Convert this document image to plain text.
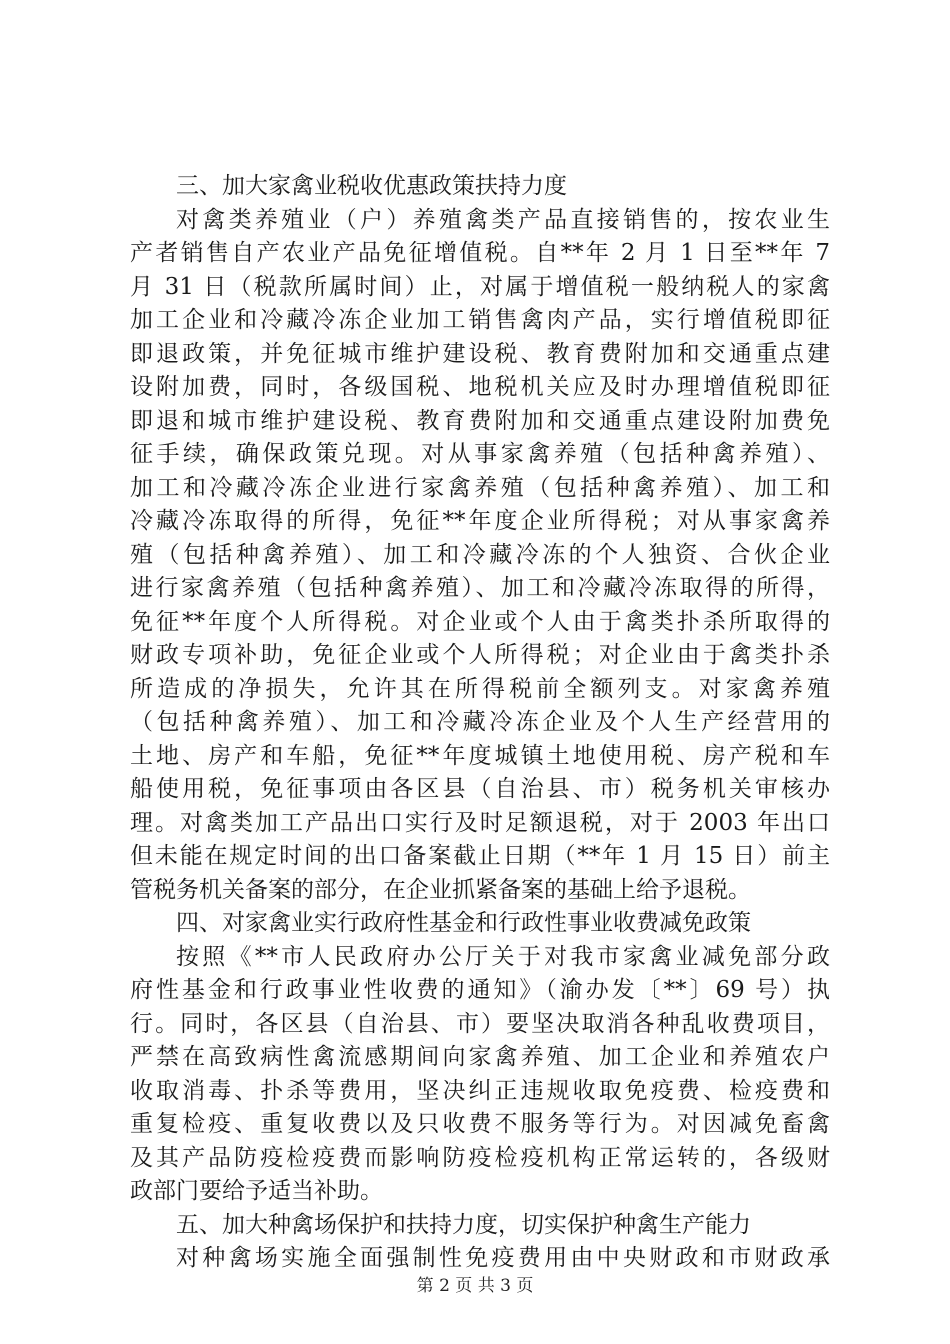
三、加大家禽业税收优惠政策扶持力度
对禽类养殖业（户）养殖禽类产品直接销售的，按农业生
产者销售自产农业产品免征增值税。自**年 2 月 1 日至**年 7
月 31 日（税款所属时间）止，对属于增值税一般纳税人的家禽
加工企业和冷藏冷冻企业加工销售禽肉产品，实行增值税即征
即退政策，并免征城市维护建设税、教育费附加和交通重点建
设附加费，同时，各级国税、地税机关应及时办理增值税即征
即退和城市维护建设税、教育费附加和交通重点建设附加费免
征手续，确保政策兑现。对从事家禽养殖（包括种禽养殖）、
加工和冷藏冷冻企业进行家禽养殖（包括种禽养殖）、加工和
冷藏冷冻取得的所得，免征**年度企业所得税；对从事家禽养
殖（包括种禽养殖）、加工和冷藏冷冻的个人独资、合伙企业
进行家禽养殖（包括种禽养殖）、加工和冷藏冷冻取得的所得，
免征**年度个人所得税。对企业或个人由于禽类扑杀所取得的
财政专项补助，免征企业或个人所得税；对企业由于禽类扑杀
所造成的净损失，允许其在所得税前全额列支。对家禽养殖
（包括种禽养殖）、加工和冷藏冷冻企业及个人生产经营用的
土地、房产和车船，免征**年度城镇土地使用税、房产税和车
船使用税，免征事项由各区县（自治县、市）税务机关审核办
理。对禽类加工产品出口实行及时足额退税，对于 2003 年出口
但未能在规定时间的出口备案截止日期（**年 1 月 15 日）前主
管税务机关备案的部分，在企业抓紧备案的基础上给予退税。
四、对家禽业实行政府性基金和行政性事业收费减免政策
按照《**市人民政府办公厅关于对我市家禽业减免部分政
府性基金和行政事业性收费的通知》（渝办发〔**〕69 号）执
行。同时，各区县（自治县、市）要坚决取消各种乱收费项目，
严禁在高致病性禽流感期间向家禽养殖、加工企业和养殖农户
收取消毒、扑杀等费用，坚决纠正违规收取免疫费、检疫费和
重复检疫、重复收费以及只收费不服务等行为。对因减免畜禽
及其产品防疫检疫费而影响防疫检疫机构正常运转的，各级财
政部门要给予适当补助。
五、加大种禽场保护和扶持力度，切实保护种禽生产能力
对种禽场实施全面强制性免疫费用由中央财政和市财政承
第 2 页 共 3 页
